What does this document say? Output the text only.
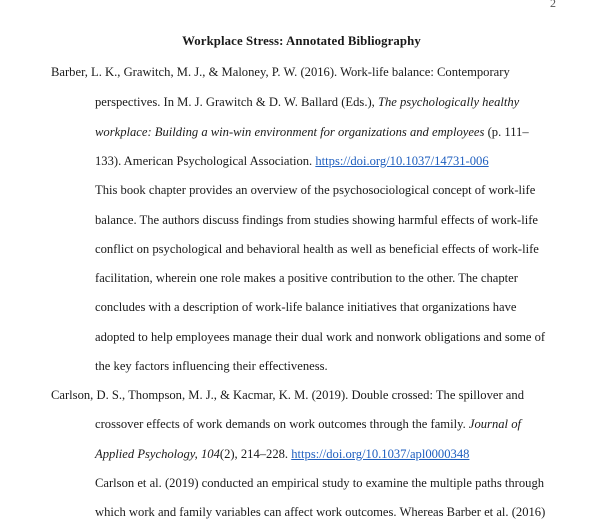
2
Workplace Stress: Annotated Bibliography
Barber, L. K., Grawitch, M. J., & Maloney, P. W. (2016). Work-life balance: Contemporary
perspectives. In M. J. Grawitch & D. W. Ballard (Eds.), The psychologically healthy
workplace: Building a win-win environment for organizations and employees (p. 111–
133). American Psychological Association. https://doi.org/10.1037/14731-006
This book chapter provides an overview of the psychosociological concept of work-life
balance. The authors discuss findings from studies showing harmful effects of work-life
conflict on psychological and behavioral health as well as beneficial effects of work-life
facilitation, wherein one role makes a positive contribution to the other. The chapter
concludes with a description of work-life balance initiatives that organizations have
adopted to help employees manage their dual work and nonwork obligations and some of
the key factors influencing their effectiveness.
Carlson, D. S., Thompson, M. J., & Kacmar, K. M. (2019). Double crossed: The spillover and
crossover effects of work demands on work outcomes through the family. Journal of
Applied Psychology, 104(2), 214–228. https://doi.org/10.1037/apl0000348
Carlson et al. (2019) conducted an empirical study to examine the multiple paths through
which work and family variables can affect work outcomes. Whereas Barber et al. (2016)
